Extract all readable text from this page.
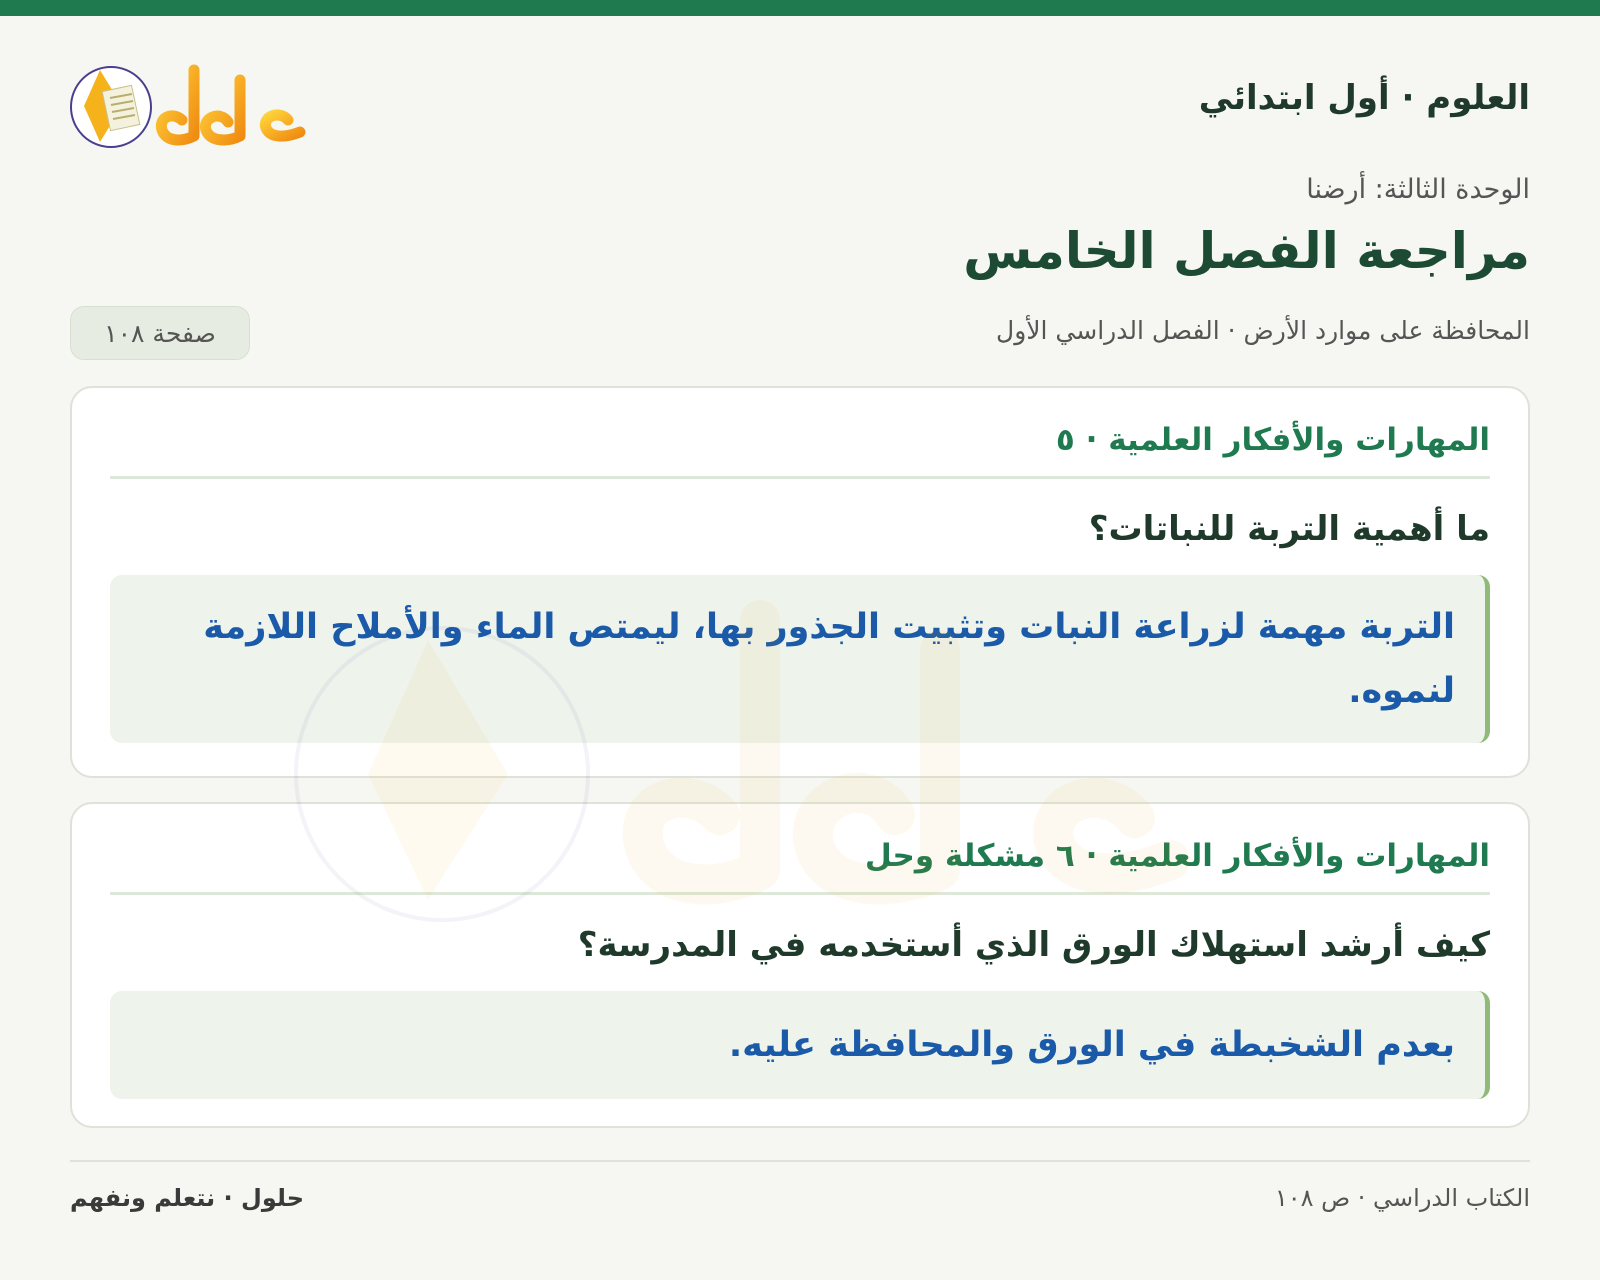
العلوم · أول ابتدائي
الوحدة الثالثة: أرضنا
مراجعة الفصل الخامس
المحافظة على موارد الأرض · الفصل الدراسي الأول
صفحة ١٠٨
المهارات والأفكار العلمية · ٥

ما أهمية التربة للنباتات؟

التربة مهمة لزراعة النبات وتثبيت الجذور بها، ليمتص الماء والأملاح اللازمة لنموه.
المهارات والأفكار العلمية · ٦ مشكلة وحل

كيف أرشد استهلاك الورق الذي أستخدمه في المدرسة؟

بعدم الشخبطة في الورق والمحافظة عليه.
الكتاب الدراسي · ص ١٠٨
حلول · نتعلم ونفهم
